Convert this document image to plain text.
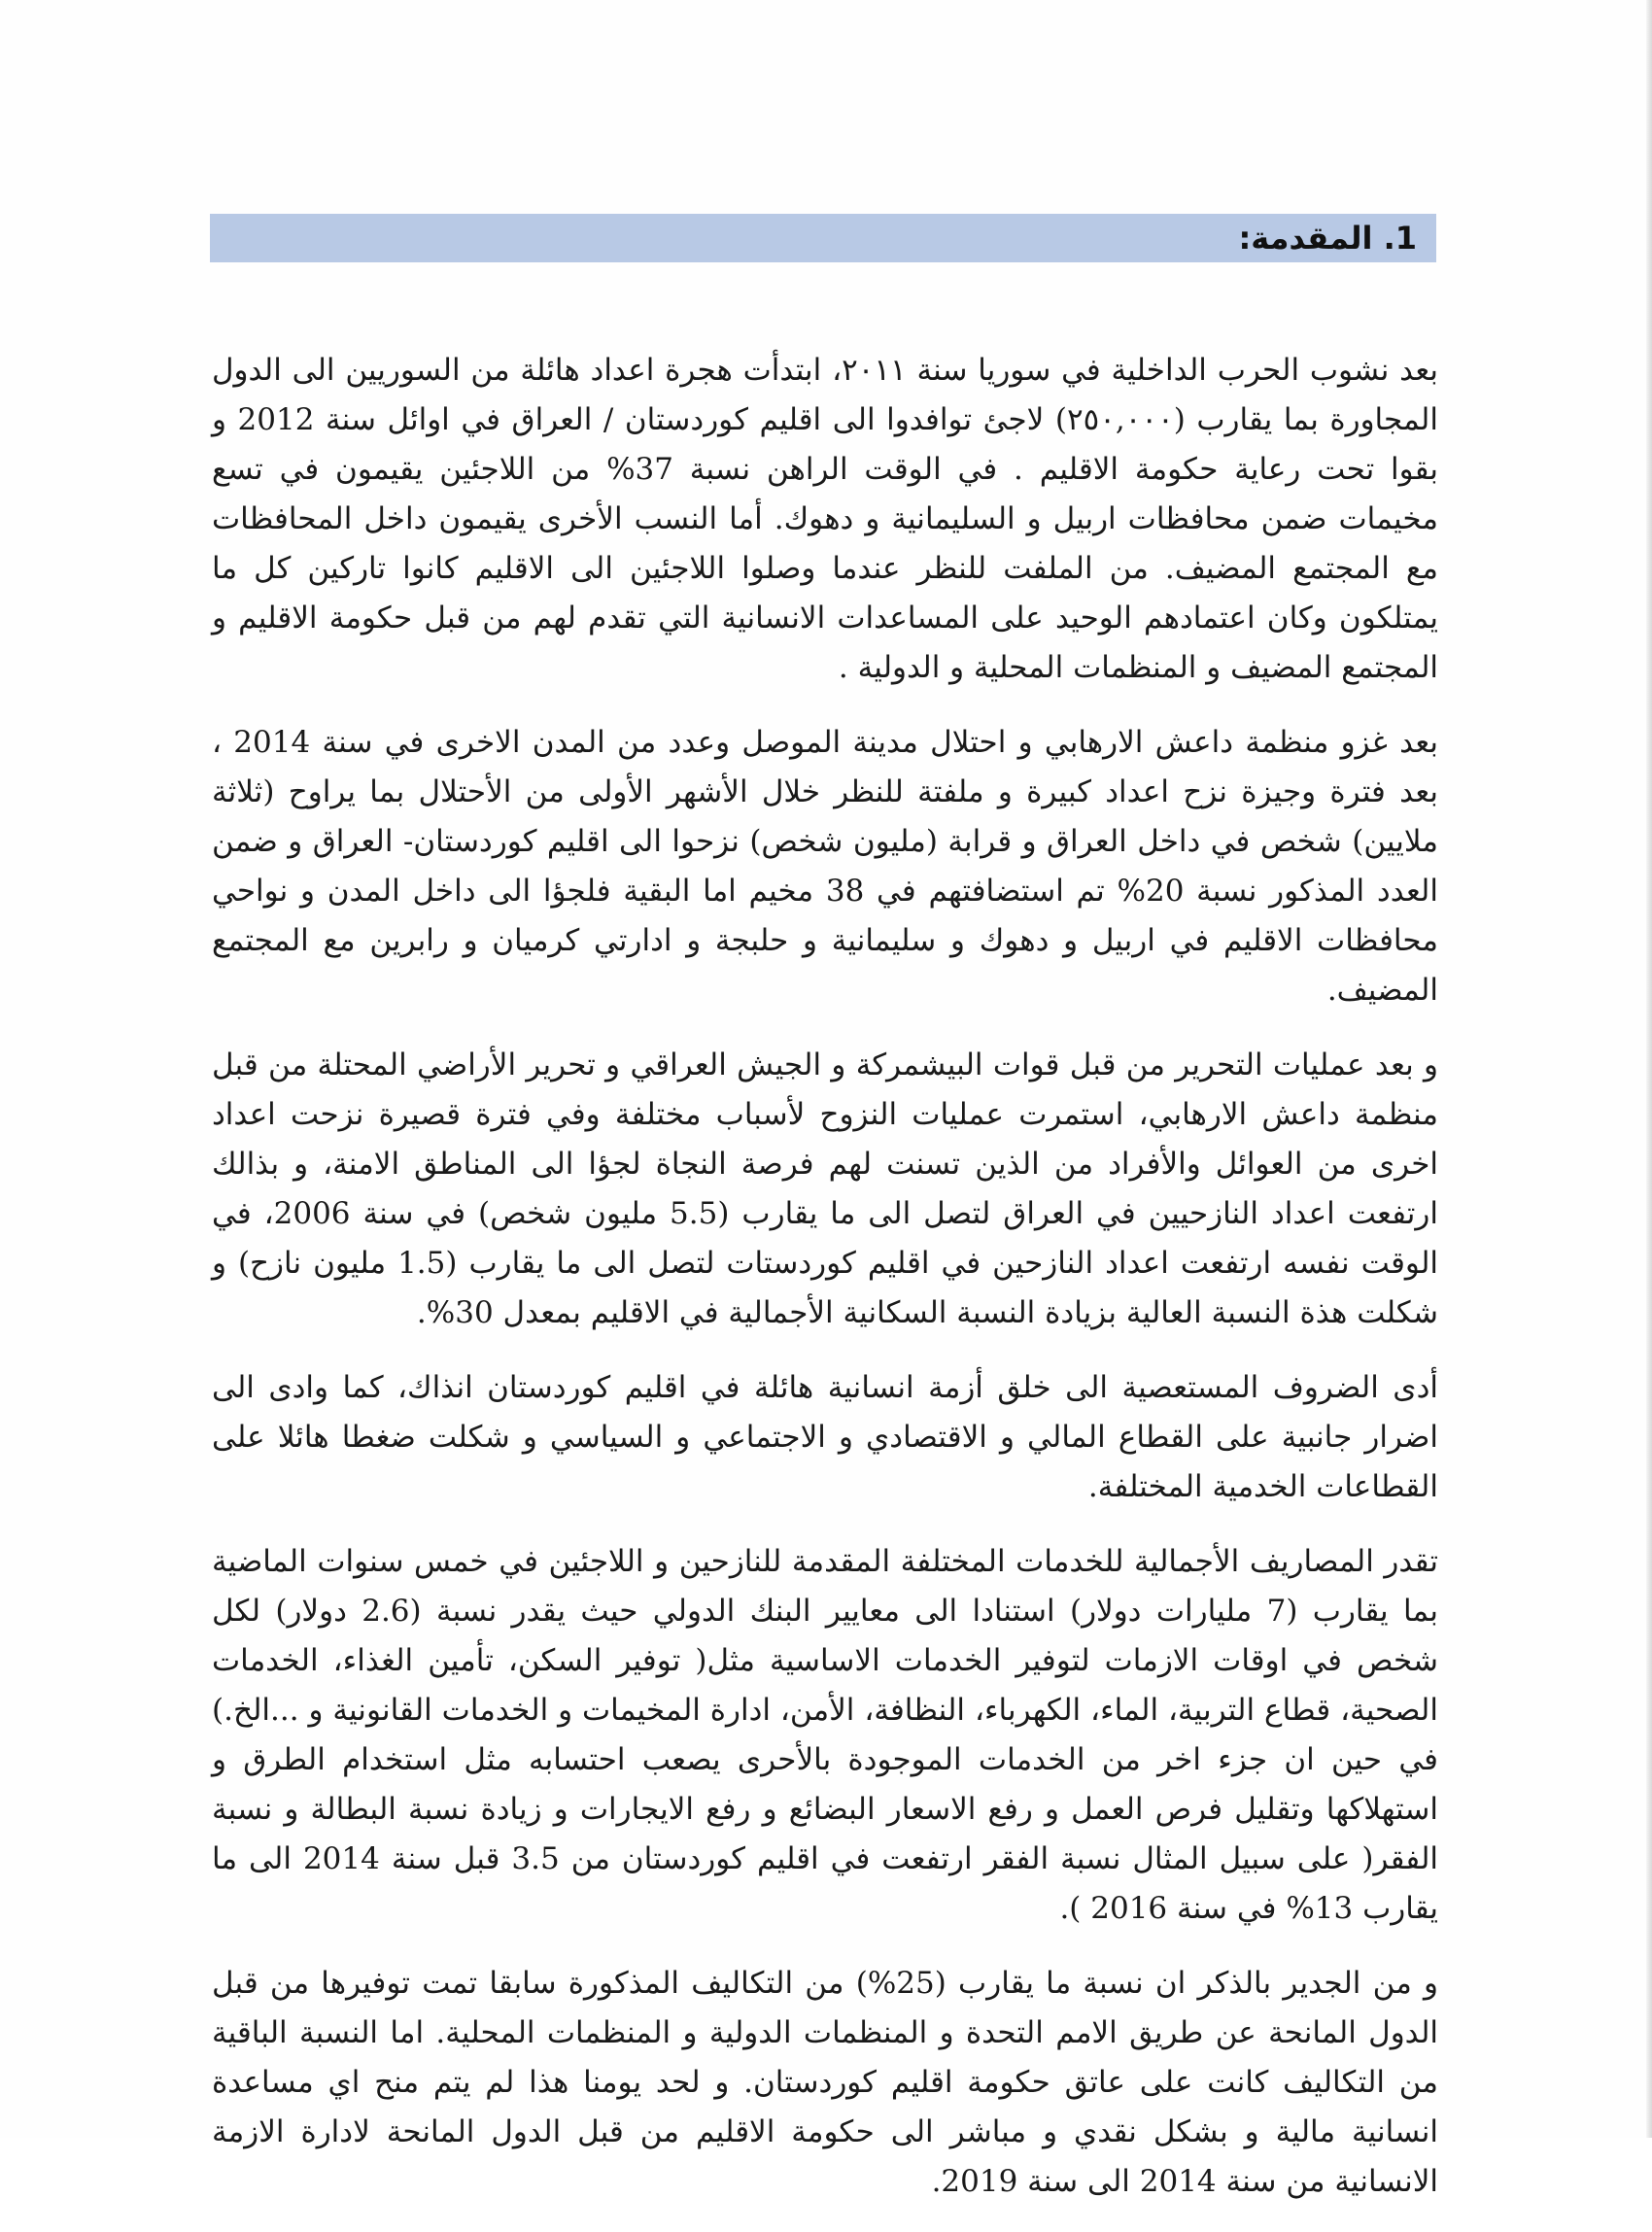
1. المقدمة:

بعد نشوب الحرب الداخلية في سوريا سنة ٢٠١١، ابتدأت هجرة اعداد هائلة من السوريين الى الدول المجاورة بما يقارب (٢٥٠,٠٠٠) لاجئ توافدوا الى اقليم كوردستان / العراق في اوائل سنة 2012 و بقوا تحت رعاية حكومة الاقليم . في الوقت الراهن نسبة 37% من اللاجئين يقيمون في تسع مخيمات ضمن محافظات اربيل و السليمانية و دهوك. أما النسب الأخرى يقيمون داخل المحافظات مع المجتمع المضيف. من الملفت للنظر عندما وصلوا اللاجئين الى الاقليم كانوا تاركين كل ما يمتلكون وكان اعتمادهم الوحيد على المساعدات الانسانية التي تقدم لهم من قبل حكومة الاقليم و المجتمع المضيف و المنظمات المحلية و الدولية .

بعد غزو منظمة داعش الارهابي و احتلال مدينة الموصل وعدد من المدن الاخرى في سنة 2014 ، بعد فترة وجيزة نزح اعداد كبيرة و ملفتة للنظر خلال الأشهر الأولى من الأحتلال بما يراوح (ثلاثة ملايين) شخص في داخل العراق و قرابة (مليون شخص) نزحوا الى اقليم كوردستان- العراق و ضمن العدد المذكور نسبة 20% تم استضافتهم في 38 مخيم اما البقية فلجؤا الى داخل المدن و نواحي محافظات الاقليم في اربيل و دهوك و سليمانية و حلبجة و ادارتي كرميان و رابرين مع المجتمع المضيف.

و بعد عمليات التحرير من قبل قوات البيشمركة و الجيش العراقي و تحرير الأراضي المحتلة من قبل منظمة داعش الارهابي، استمرت عمليات النزوح لأسباب مختلفة وفي فترة قصيرة نزحت اعداد اخرى من العوائل والأفراد من الذين تسنت لهم فرصة النجاة لجؤا الى المناطق الامنة، و بذالك ارتفعت اعداد النازحيين في العراق لتصل الى ما يقارب (5.5 مليون شخص) في سنة 2006، في الوقت نفسه ارتفعت اعداد النازحين في اقليم كوردستات لتصل الى ما يقارب (1.5 مليون نازح) و شكلت هذة النسبة العالية بزيادة النسبة السكانية الأجمالية في الاقليم بمعدل 30%.

أدى الضروف المستعصية الى خلق أزمة انسانية هائلة في اقليم كوردستان انذاك، كما وادى الى اضرار جانبية على القطاع المالي و الاقتصادي و الاجتماعي و السياسي و شكلت ضغطا هائلا على القطاعات الخدمية المختلفة.

تقدر المصاريف الأجمالية للخدمات المختلفة المقدمة للنازحين و اللاجئين في خمس سنوات الماضية بما يقارب (7 مليارات دولار) استنادا الى معايير البنك الدولي حيث يقدر نسبة (2.6 دولار) لكل شخص في اوقات الازمات لتوفير الخدمات الاساسية مثل( توفير السكن، تأمين الغذاء، الخدمات الصحية، قطاع التربية، الماء، الكهرباء، النظافة، الأمن، ادارة المخيمات و الخدمات القانونية و ...الخ.) في حين ان جزء اخر من الخدمات الموجودة بالأحرى يصعب احتسابه مثل استخدام الطرق و استهلاكها وتقليل فرص العمل و رفع الاسعار البضائع و رفع الايجارات و زيادة نسبة البطالة و نسبة الفقر( على سبيل المثال نسبة الفقر ارتفعت في اقليم كوردستان من 3.5 قبل سنة 2014 الى ما يقارب 13% في سنة 2016 ).

و من الجدير بالذكر ان نسبة ما يقارب (25%) من التكاليف المذكورة سابقا تمت توفيرها من قبل الدول المانحة عن طريق الامم التحدة و المنظمات الدولية و المنظمات المحلية. اما النسبة الباقية من التكاليف كانت على عاتق حكومة اقليم كوردستان. و لحد يومنا هذا لم يتم منح اي مساعدة انسانية مالية و بشكل نقدي و مباشر الى حكومة الاقليم من قبل الدول المانحة لادارة الازمة الانسانية من سنة 2014 الى سنة 2019.
